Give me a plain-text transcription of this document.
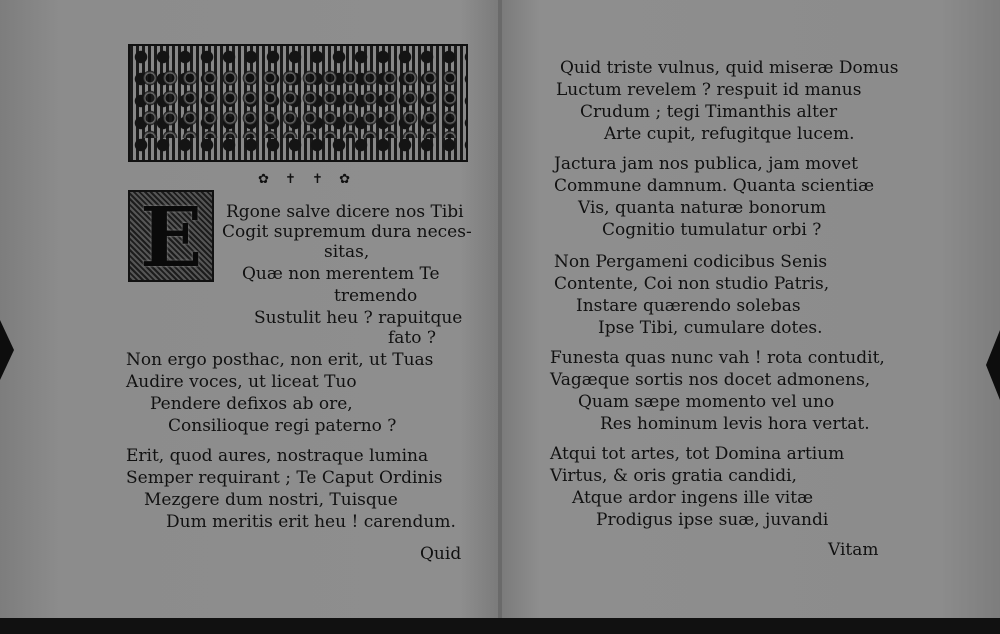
✿ ✝ ✝ ✿
E Rgone salve dicere nos Tibi
Cogit supremum dura neces-
sitas,
Quæ non merentem Te
tremendo
Sustulit heu ? rapuitque
fato ?
Non ergo posthac, non erit, ut Tuas
Audire voces, ut liceat Tuo
Pendere defixos ab ore,
Consilioque regi paterno ?
Erit, quod aures, nostraque lumina
Semper requirant ; Te Caput Ordinis
Mezgere dum nostri, Tuisque
Dum meritis erit heu ! carendum.
Quid
Quid triste vulnus, quid miseræ Domus
Luctum revelem ? respuit id manus
Crudum ; tegi Timanthis alter
Arte cupit, refugitque lucem.
Jactura jam nos publica, jam movet
Commune damnum. Quanta scientiæ
Vis, quanta naturæ bonorum
Cognitio tumulatur orbi ?
Non Pergameni codicibus Senis
Contente, Coi non studio Patris,
Instare quærendo solebas
Ipse Tibi, cumulare dotes.
Funesta quas nunc vah ! rota contudit,
Vagæque sortis nos docet admonens,
Quam sæpe momento vel uno
Res hominum levis hora vertat.
Atqui tot artes, tot Domina artium
Virtus, & oris gratia candidi,
Atque ardor ingens ille vitæ
Prodigus ipse suæ, juvandi
Vitam
